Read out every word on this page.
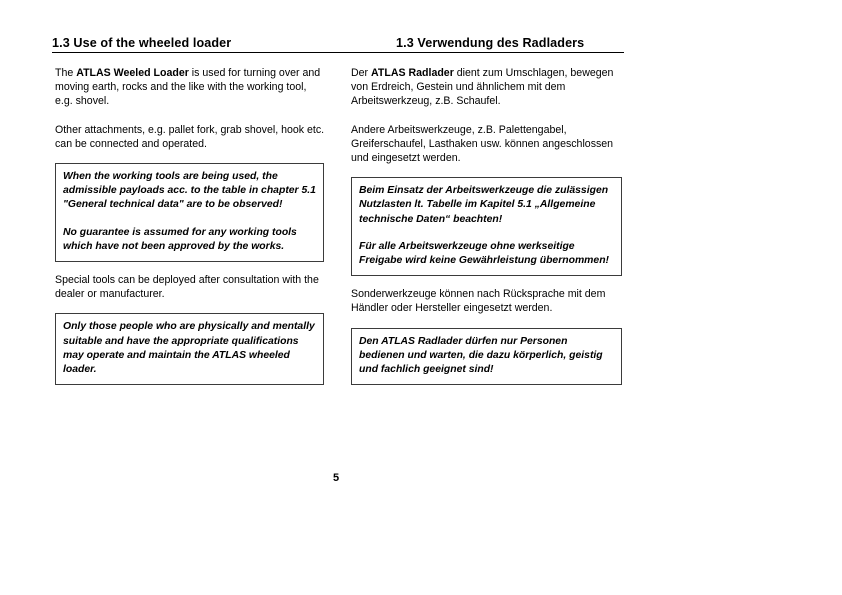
1.3 Use of the wheeled loader	1.3 Verwendung des Radladers

The ATLAS Weeled Loader is used for turning over and moving earth, rocks and the like with the working tool, e.g. shovel.

Other attachments, e.g. pallet fork, grab shovel, hook etc. can be connected and operated.

When the working tools are being used, the admissible payloads acc. to the table in chapter 5.1 "General technical data" are to be observed!

No guarantee is assumed for any working tools which have not been approved by the works.

Special tools can be deployed after consultation with the dealer or manufacturer.

Only those people who are physically and mentally suitable and have the appropriate qualifications may operate and maintain the ATLAS wheeled loader.

Der ATLAS Radlader dient zum Umschlagen, bewegen von Erdreich, Gestein und ähnlichem mit dem Arbeitswerkzeug, z.B. Schaufel.

Andere Arbeitswerkzeuge, z.B. Palettengabel, Greiferschaufel, Lasthaken usw. können angeschlossen und eingesetzt werden.

Beim Einsatz der Arbeitswerkzeuge die zulässigen Nutzlasten lt. Tabelle im Kapitel 5.1 „Allgemeine technische Daten“ beachten!

Für alle Arbeitswerkzeuge ohne werkseitige Freigabe wird keine Gewährleistung übernommen!

Sonderwerkzeuge können nach Rücksprache mit dem Händler oder Hersteller eingesetzt werden.

Den ATLAS Radlader dürfen nur Personen bedienen und warten, die dazu körperlich, geistig und fachlich geeignet sind!

5
